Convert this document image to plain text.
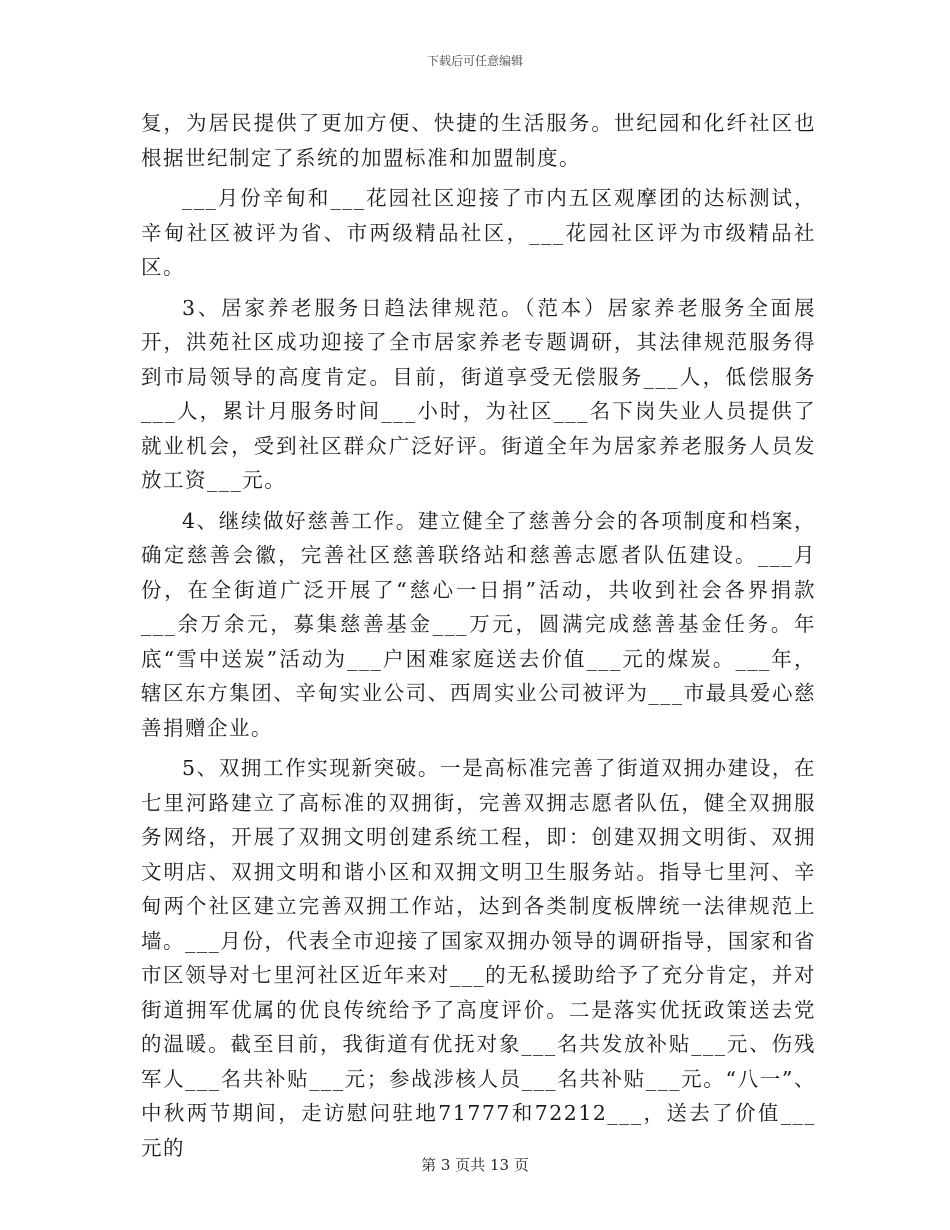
下载后可任意编辑

复，为居民提供了更加方便、快捷的生活服务。世纪园和化纤社区也根据世纪制定了系统的加盟标准和加盟制度。

___月份辛甸和___花园社区迎接了市内五区观摩团的达标测试，辛甸社区被评为省、市两级精品社区，___花园社区评为市级精品社区。

3、居家养老服务日趋法律规范。（范本）居家养老服务全面展开，洪苑社区成功迎接了全市居家养老专题调研，其法律规范服务得到市局领导的高度肯定。目前，街道享受无偿服务___人，低偿服务___人，累计月服务时间___小时，为社区___名下岗失业人员提供了就业机会，受到社区群众广泛好评。街道全年为居家养老服务人员发放工资___元。

4、继续做好慈善工作。建立健全了慈善分会的各项制度和档案，确定慈善会徽，完善社区慈善联络站和慈善志愿者队伍建设。___月份，在全街道广泛开展了“慈心一日捐”活动，共收到社会各界捐款___余万余元，募集慈善基金___万元，圆满完成慈善基金任务。年底“雪中送炭”活动为___户困难家庭送去价值___元的煤炭。___年，辖区东方集团、辛甸实业公司、西周实业公司被评为___市最具爱心慈善捐赠企业。

5、双拥工作实现新突破。一是高标准完善了街道双拥办建设，在七里河路建立了高标准的双拥街，完善双拥志愿者队伍，健全双拥服务网络，开展了双拥文明创建系统工程，即：创建双拥文明街、双拥文明店、双拥文明和谐小区和双拥文明卫生服务站。指导七里河、辛甸两个社区建立完善双拥工作站，达到各类制度板牌统一法律规范上墙。___月份，代表全市迎接了国家双拥办领导的调研指导，国家和省市区领导对七里河社区近年来对___的无私援助给予了充分肯定，并对街道拥军优属的优良传统给予了高度评价。二是落实优抚政策送去党的温暖。截至目前，我街道有优抚对象___名共发放补贴___元、伤残军人___名共补贴___元；参战涉核人员___名共补贴___元。“八一”、中秋两节期间，走访慰问驻地71777和72212___，送去了价值___元的

第 3 页共 13 页
